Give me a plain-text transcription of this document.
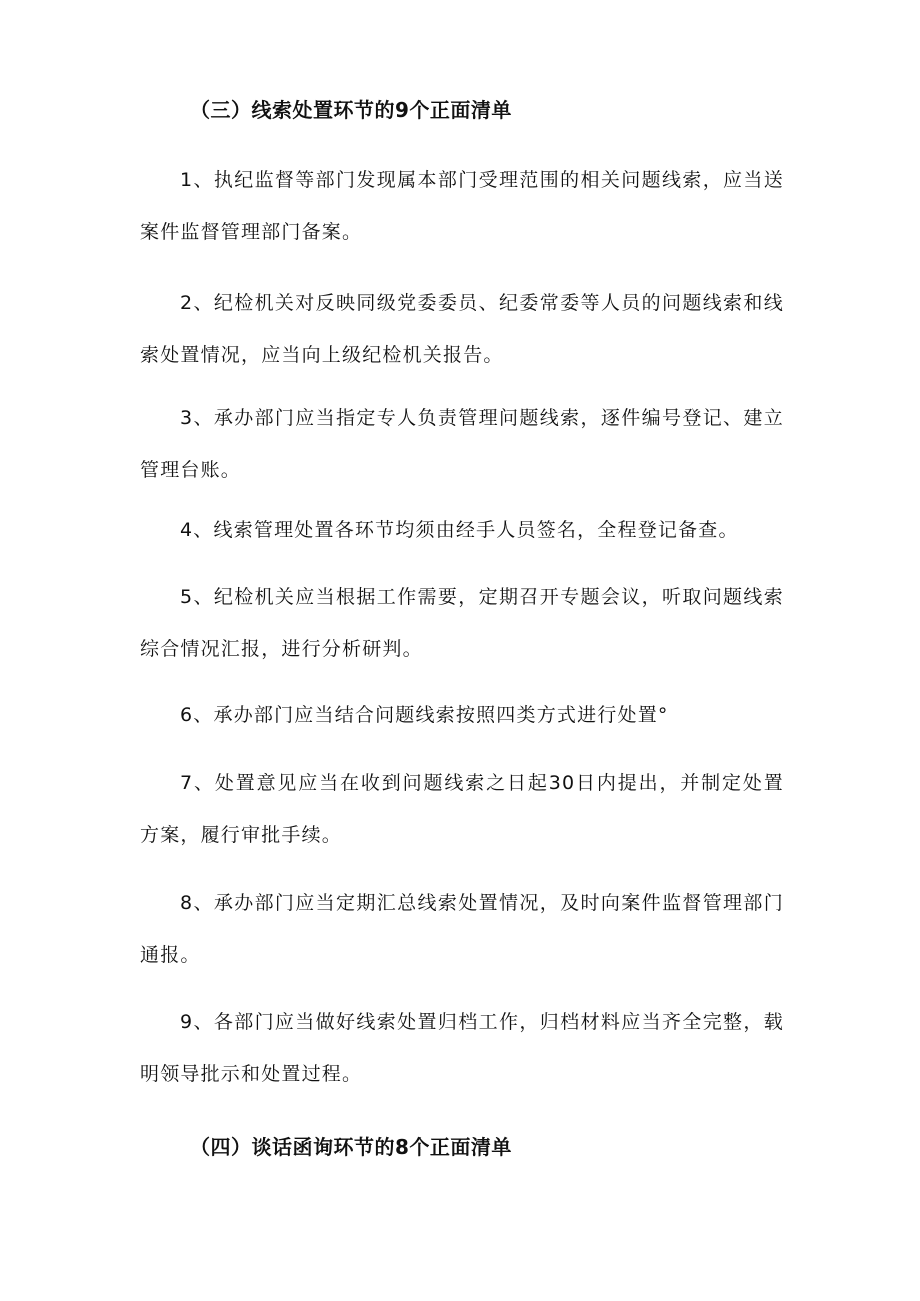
（三）线索处置环节的9个正面清单
1、执纪监督等部门发现属本部门受理范围的相关问题线索，应当送案件监督管理部门备案。
2、纪检机关对反映同级党委委员、纪委常委等人员的问题线索和线索处置情况，应当向上级纪检机关报告。
3、承办部门应当指定专人负责管理问题线索，逐件编号登记、建立管理台账。
4、线索管理处置各环节均须由经手人员签名，全程登记备查。
5、纪检机关应当根据工作需要，定期召开专题会议，听取问题线索综合情况汇报，进行分析研判。
6、承办部门应当结合问题线索按照四类方式进行处置°
7、处置意见应当在收到问题线索之日起30日内提出，并制定处置方案，履行审批手续。
8、承办部门应当定期汇总线索处置情况，及时向案件监督管理部门通报。
9、各部门应当做好线索处置归档工作，归档材料应当齐全完整，载明领导批示和处置过程。
（四）谈话函询环节的8个正面清单
